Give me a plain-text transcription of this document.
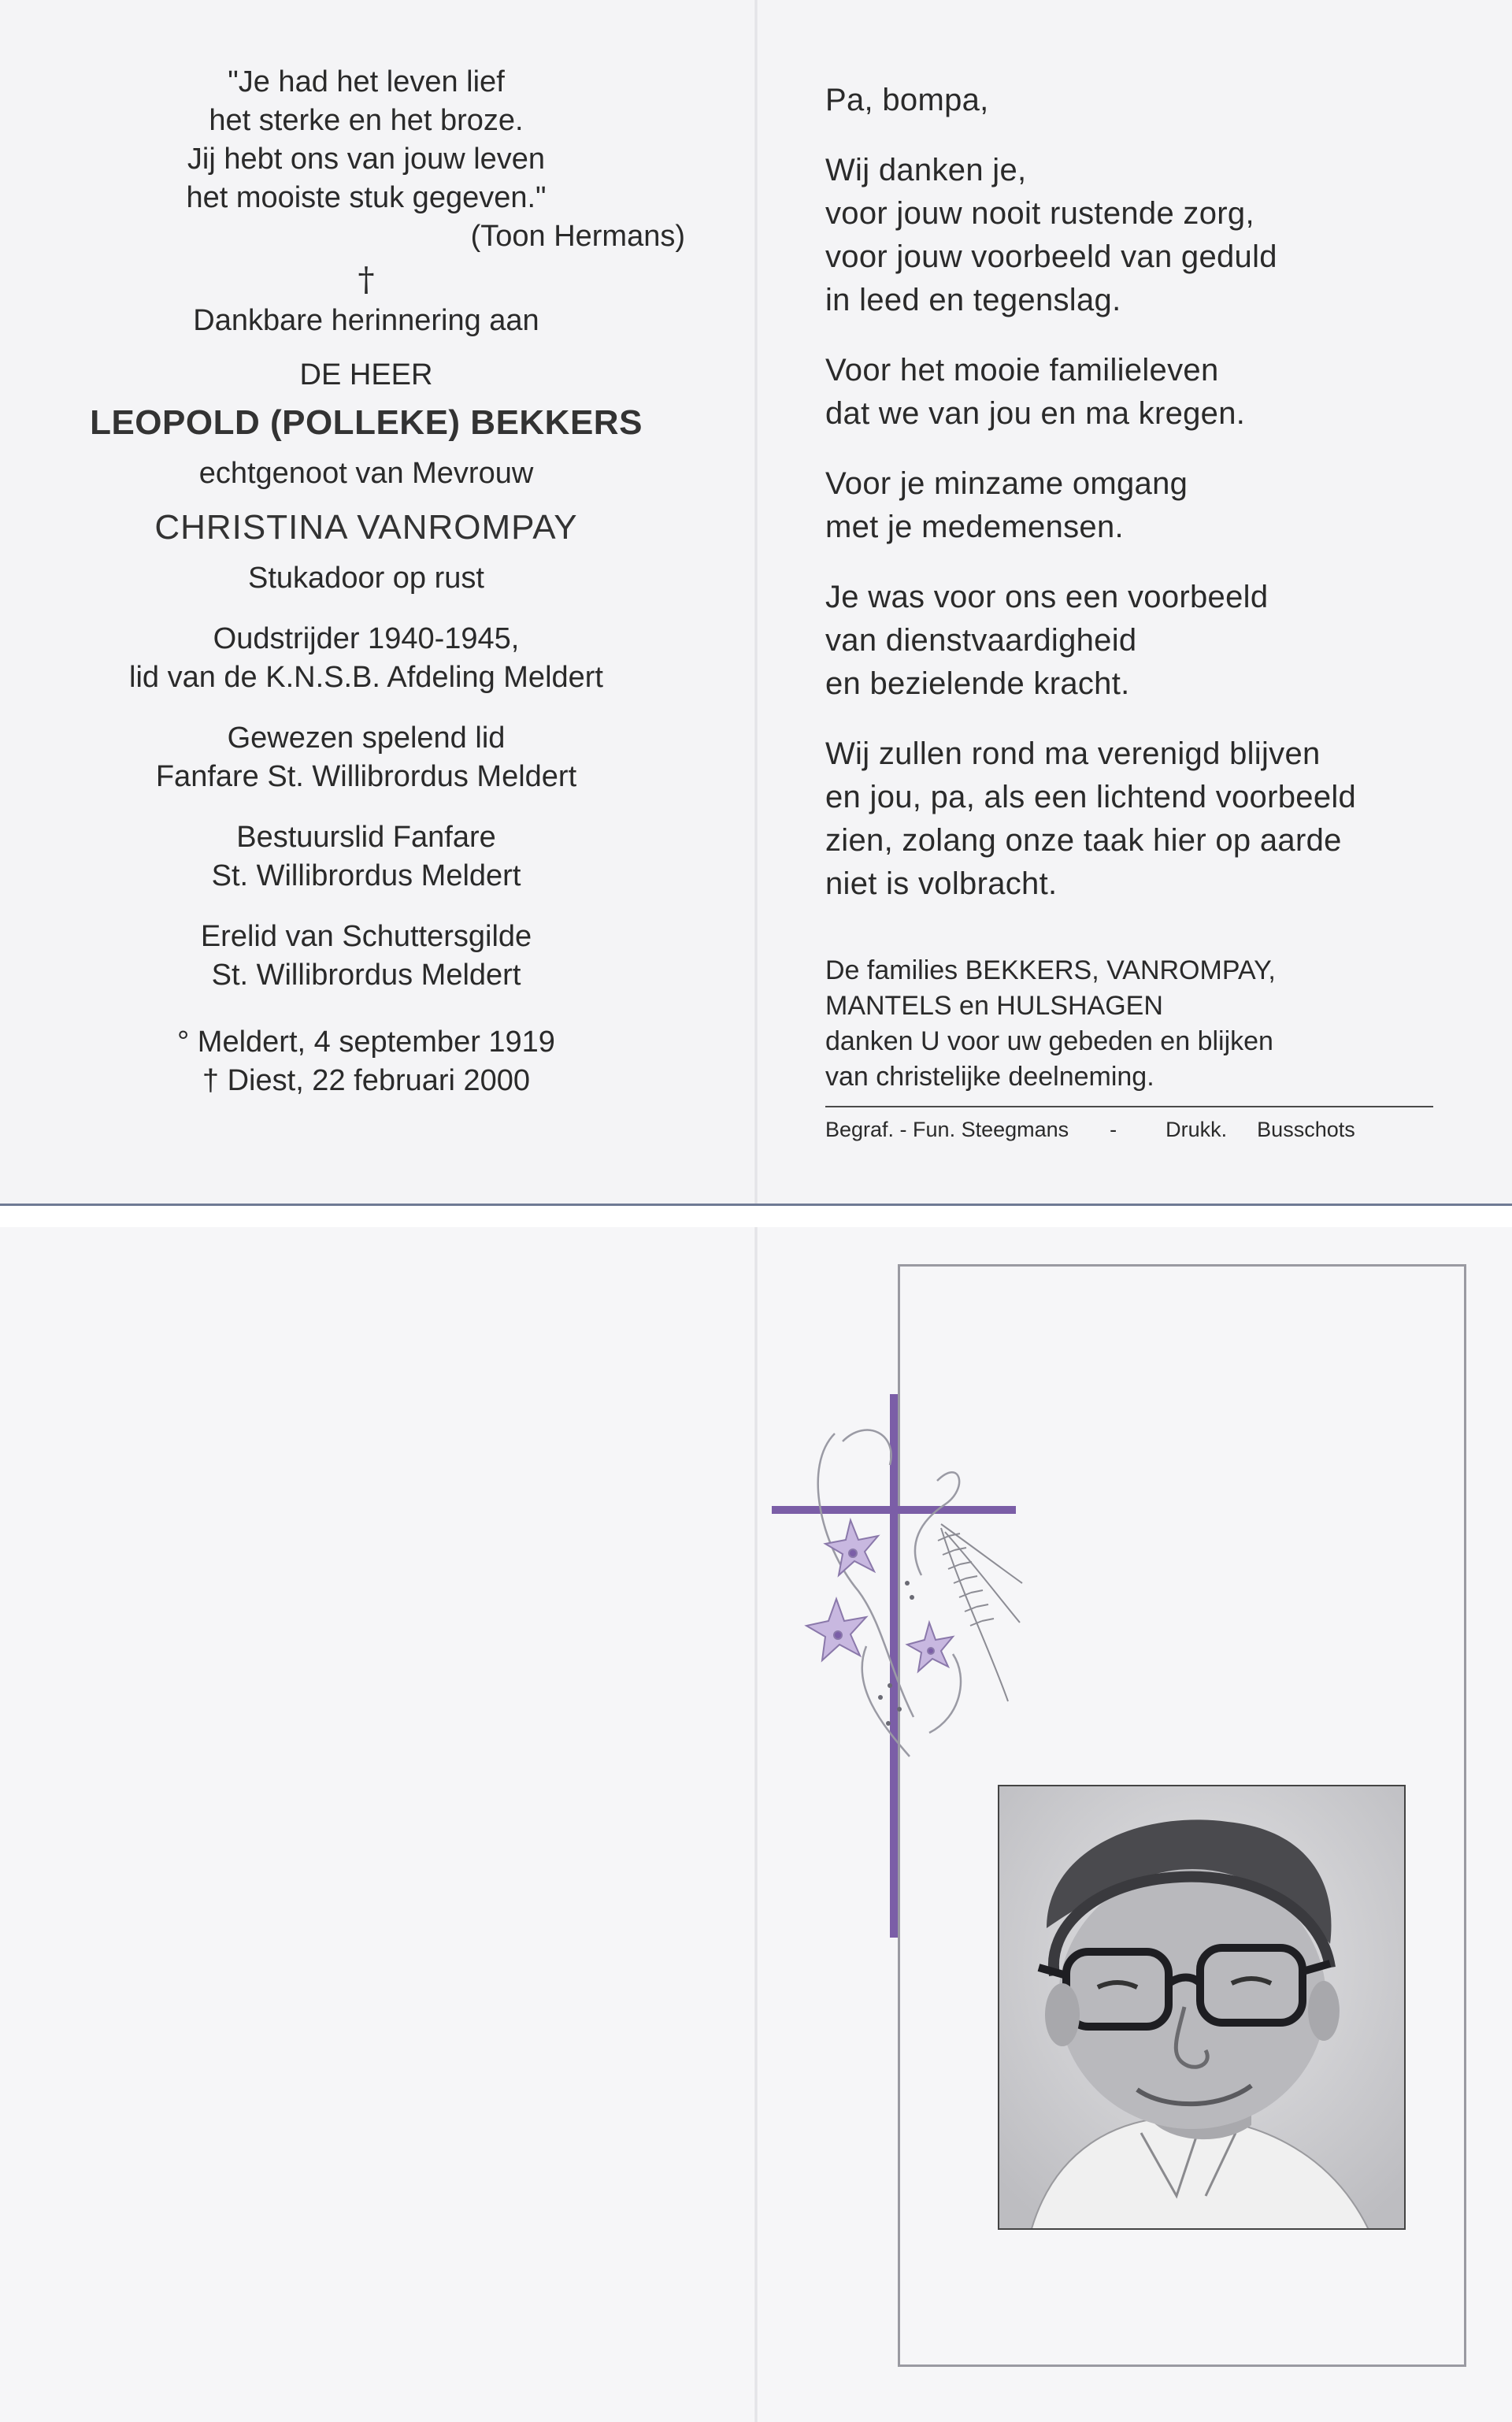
"Je had het leven lief
het sterke en het broze.
Jij hebt ons van jouw leven
het mooiste stuk gegeven."
(Toon Hermans)
†
Dankbare herinnering aan
DE HEER
LEOPOLD (POLLEKE) BEKKERS
echtgenoot van Mevrouw
CHRISTINA VANROMPAY
Stukadoor op rust
Oudstrijder 1940-1945,
lid van de K.N.S.B. Afdeling Meldert
Gewezen spelend lid
Fanfare St. Willibrordus Meldert
Bestuurslid Fanfare
St. Willibrordus Meldert
Erelid van Schuttersgilde
St. Willibrordus Meldert
° Meldert, 4 september 1919
† Diest, 22 februari 2000
Pa, bompa,
Wij danken je,
voor jouw nooit rustende zorg,
voor jouw voorbeeld van geduld
in leed en tegenslag.
Voor het mooie familieleven
dat we van jou en ma kregen.
Voor je minzame omgang
met je medemensen.
Je was voor ons een voorbeeld
van dienstvaardigheid
en bezielende kracht.
Wij zullen rond ma verenigd blijven
en jou, pa, als een lichtend voorbeeld
zien, zolang onze taak hier op aarde
niet is volbracht.
De families BEKKERS, VANROMPAY,
MANTELS en HULSHAGEN
danken U voor uw gebeden en blijken
van christelijke deelneming.
Begraf. - Fun. Steegmans - Drukk. Busschots
